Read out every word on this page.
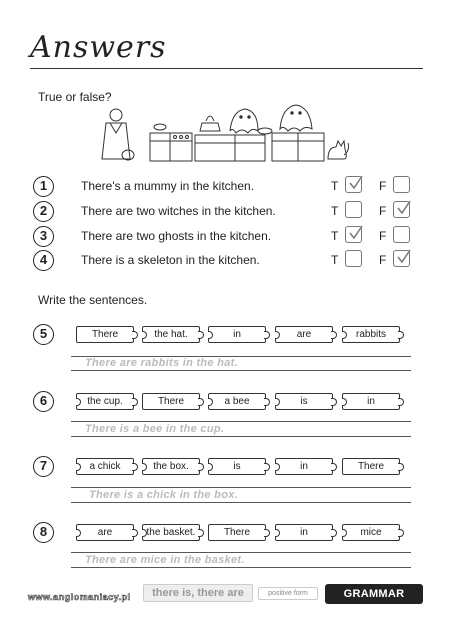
Answers
True or false?
1	There's a mummy in the kitchen.	T	F
2	There are two witches in the kitchen.	T	F
3	There are two ghosts in the kitchen.	T	F
4	There is a skeleton in the kitchen.	T	F
Write the sentences.
5	There	the hat.	in	are	rabbits
There are rabbits in the hat.
6	the cup.	There	a bee	is	in
There is a bee in the cup.
7	a chick	the box.	is	in	There
There is a chick in the box.
8	are	the basket.	There	in	mice
There are mice in the basket.
www.anglomaniacy.pl	there is, there are	positive form	GRAMMAR HELPERS
